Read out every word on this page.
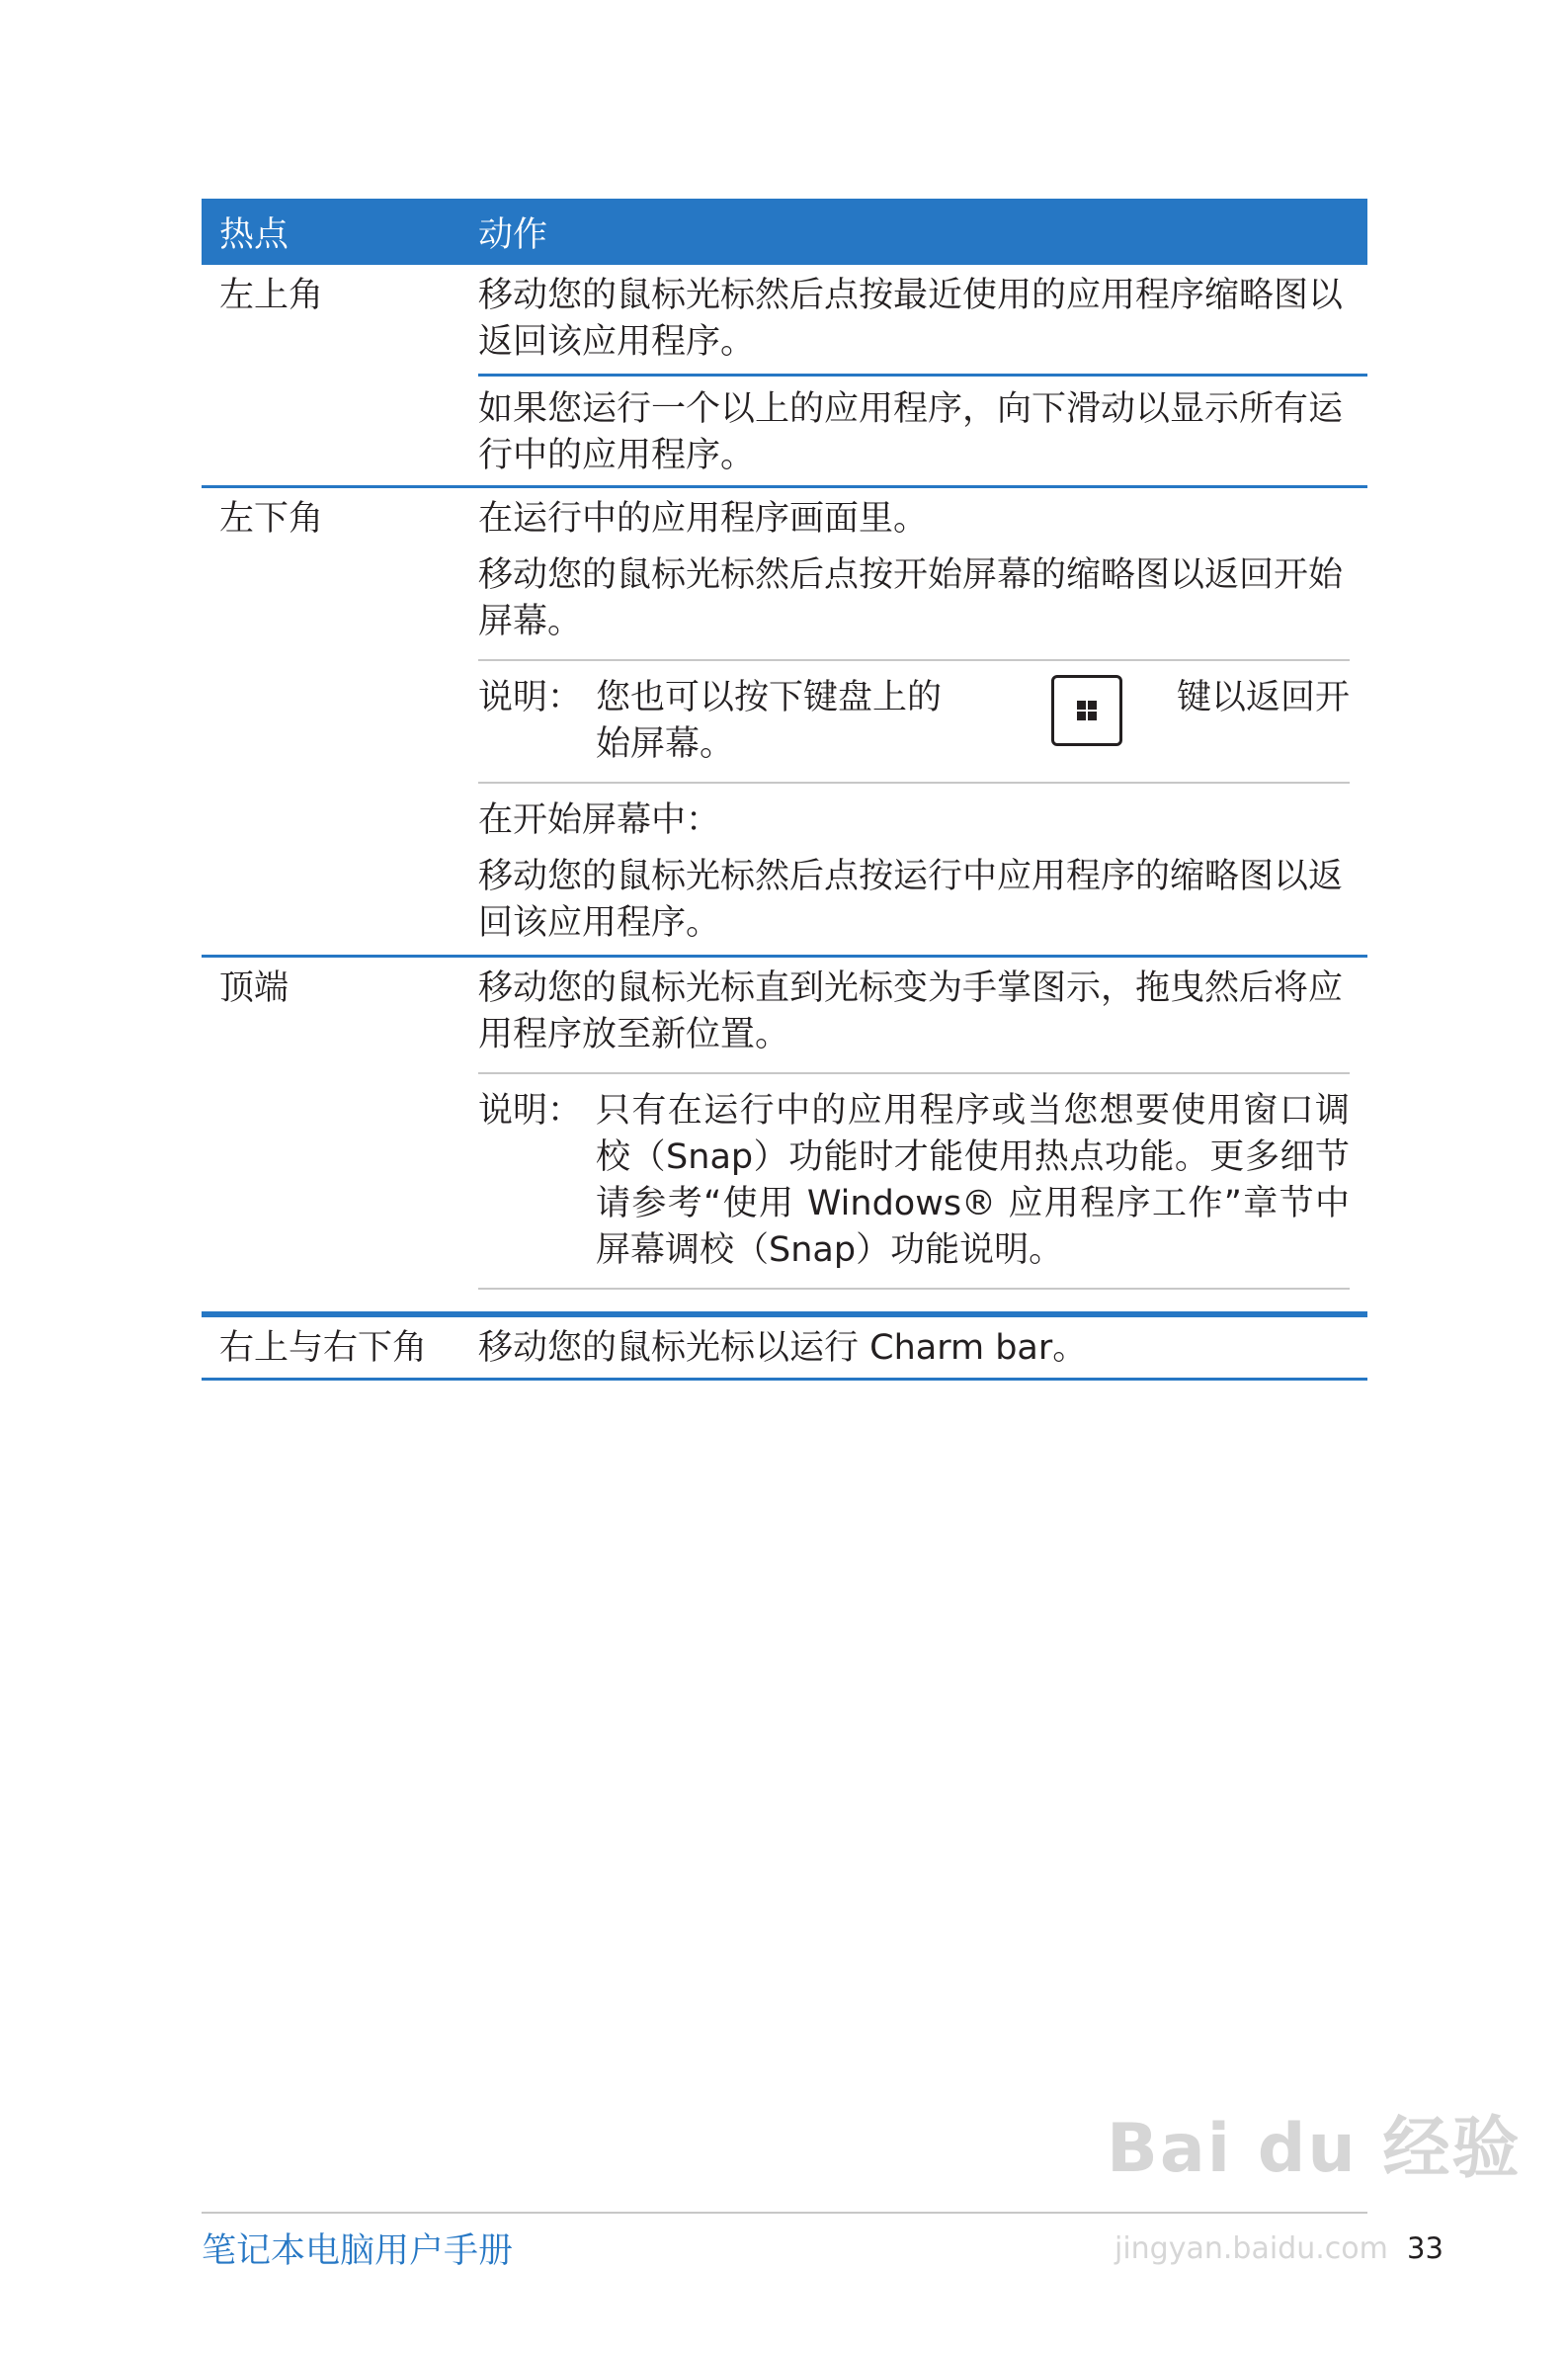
热点	动作
左上角	移动您的鼠标光标然后点按最近使用的应用程序缩略图以返回该应用程序。
如果您运行一个以上的应用程序，向下滑动以显示所有运行中的应用程序。
左下角	在运行中的应用程序画面里。

移动您的鼠标光标然后点按开始屏幕的缩略图以返回开始屏幕。

说明： 您也可以按下键盘上的	键以返回开
始屏幕。

在开始屏幕中：

移动您的鼠标光标然后点按运行中应用程序的缩略图以返回该应用程序。

顶端	移动您的鼠标光标直到光标变为手掌图示，拖曳然后将应用程序放至新位置。
说明： 只有在运行中的应用程序或当您想要使用窗口调校（Snap）功能时才能使用热点功能。更多细节请参考“使用 Windows® 应用程序工作”章节中屏幕调校（Snap）功能说明。
右上与右下角	移动您的鼠标光标以运行 Charm bar。
Bai du 经验
jingyan.baidu.com
笔记本电脑用户手册	33
